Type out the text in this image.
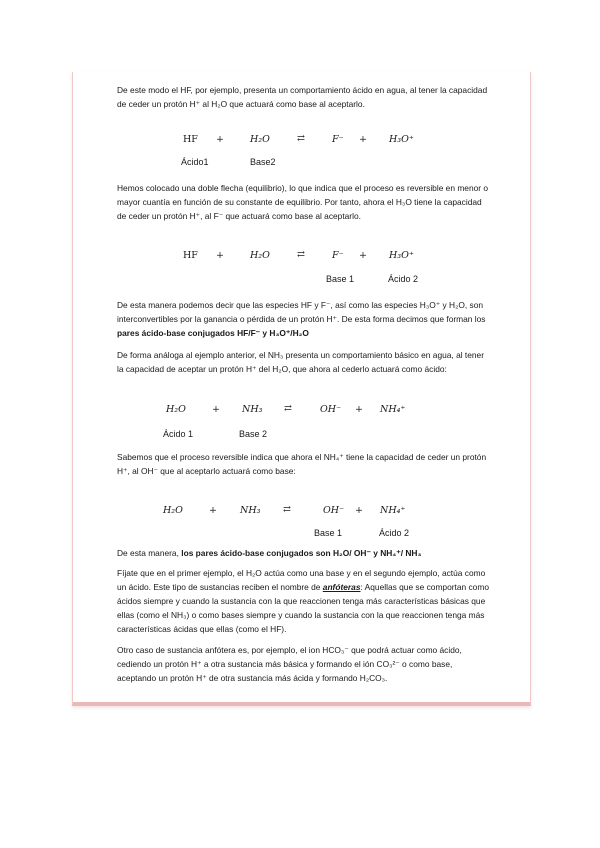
De este modo el HF, por ejemplo, presenta un comportamiento ácido en agua, al tener la capacidad de ceder un protón H⁺ al H₂O que actuará como base al aceptarlo.

HF +	H₂O	⇄	F⁻ + H₃O⁺
Ácido1	Base2

Hemos colocado una doble flecha (equilibrio), lo que indica que el proceso es reversible en menor o mayor cuantía en función de su constante de equilibrio. Por tanto, ahora el H₃O tiene la capacidad de ceder un protón H⁺, al F⁻ que actuará como base al aceptarlo.

HF +	H₂O	⇄	F⁻ + H₃O⁺
Base 1	Ácido 2

De esta manera podemos decir que las especies HF y F⁻, así como las especies H₃O⁺ y H₂O, son interconvertibles por la ganancia o pérdida de un protón H⁺. De esta forma decimos que forman los pares ácido-base conjugados HF/F⁻ y H₃O⁺/H₂O

De forma análoga al ejemplo anterior, el NH₃ presenta un comportamiento básico en agua, al tener la capacidad de aceptar un protón H⁺ del H₂O, que ahora al cederlo actuará como ácido:

H₂O	+ NH₃ ⇄	OH⁻ + NH₄⁺
Ácido 1	Base 2

Sabemos que el proceso reversible indica que ahora el NH₄⁺ tiene la capacidad de ceder un protón H⁺, al OH⁻ que al aceptarlo actuará como base:

H₂O	+ NH₃ ⇄	OH⁻ + NH₄⁺
Base 1	Ácido 2

De esta manera, los pares ácido-base conjugados son H₂O/ OH⁻ y NH₄⁺/ NH₃

Fíjate que en el primer ejemplo, el H₂O actúa como una base y en el segundo ejemplo, actúa como un ácido. Este tipo de sustancias reciben el nombre de anfóteras: Aquellas que se comportan como ácidos siempre y cuando la sustancia con la que reaccionen tenga más características básicas que ellas (como el NH₃) o como bases siempre y cuando la sustancia con la que reaccionen tenga más características ácidas que ellas (como el HF).

Otro caso de sustancia anfótera es, por ejemplo, el ion HCO₃⁻ que podrá actuar como ácido, cediendo un protón H⁺ a otra sustancia más básica y formando el ión CO₃²⁻ o como base, aceptando un protón H⁺ de otra sustancia más ácida y formando H₂CO₃.
